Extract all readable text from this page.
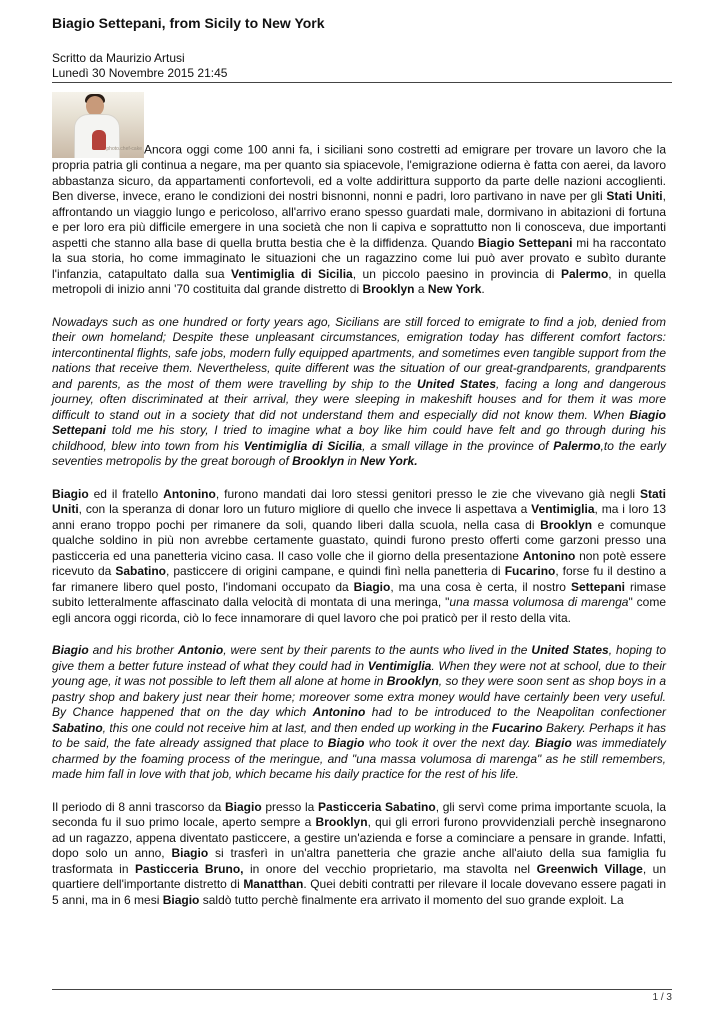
Biagio Settepani, from Sicily to New York
Scritto da Maurizio Artusi
Lunedì 30 Novembre 2015 21:45

photo.chef-cake Ancora oggi come 100 anni fa, i siciliani sono costretti ad emigrare per trovare un lavoro che la propria patria gli continua a negare, ma per quanto sia spiacevole, l'emigrazione odierna è fatta con aerei, da lavoro abbastanza sicuro, da appartamenti confortevoli, ed a volte addirittura supporto da parte delle nazioni accoglienti. Ben diverse, invece, erano le condizioni dei nostri bisnonni, nonni e padri, loro partivano in nave per gli Stati Uniti, affrontando un viaggio lungo e pericoloso, all'arrivo erano spesso guardati male, dormivano in abitazioni di fortuna e per loro era più difficile emergere in una società che non li capiva e soprattutto non li conosceva, due importanti aspetti che stanno alla base di quella brutta bestia che è la diffidenza. Quando Biagio Settepani mi ha raccontato la sua storia, ho come immaginato le situazioni che un ragazzino come lui può aver provato e subìto durante l'infanzia, catapultato dalla sua Ventimiglia di Sicilia, un piccolo paesino in provincia di Palermo, in quella metropoli di inizio anni '70 costituita dal grande distretto di Brooklyn a New York.

Nowadays such as one hundred or forty years ago, Sicilians are still forced to emigrate to find a job, denied from their own homeland; Despite these unpleasant circumstances, emigration today has different comfort factors: intercontinental flights, safe jobs, modern fully equipped apartments, and sometimes even tangible support from the nations that receive them. Nevertheless, quite different was the situation of our great-grandparents, grandparents and parents, as the most of them were travelling by ship to the United States, facing a long and dangerous journey, often discriminated at their arrival, they were sleeping in makeshift houses and for them it was more difficult to stand out in a society that did not understand them and especially did not know them. When Biagio Settepani told me his story, I tried to imagine what a boy like him could have felt and go through during his childhood, blew into town from his Ventimiglia di Sicilia, a small village in the province of Palermo,to the early seventies metropolis by the great borough of Brooklyn in New York.

Biagio ed il fratello Antonino, furono mandati dai loro stessi genitori presso le zie che vivevano già negli Stati Uniti, con la speranza di donar loro un futuro migliore di quello che invece li aspettava a Ventimiglia, ma i loro 13 anni erano troppo pochi per rimanere da soli, quando liberi dalla scuola, nella casa di Brooklyn e comunque qualche soldino in più non avrebbe certamente guastato, quindi furono presto offerti come garzoni presso una pasticceria ed una panetteria vicino casa. Il caso volle che il giorno della presentazione Antonino non potè essere ricevuto da Sabatino, pasticcere di origini campane, e quindi finì nella panetteria di Fucarino, forse fu il destino a far rimanere libero quel posto, l'indomani occupato da Biagio, ma una cosa è certa, il nostro Settepani rimase subito letteralmente affascinato dalla velocità di montata di una meringa, "una massa volumosa di marenga" come egli ancora oggi ricorda, ciò lo fece innamorare di quel lavoro che poi praticò per il resto della vita.

Biagio and his brother Antonio, were sent by their parents to the aunts who lived in the United States, hoping to give them a better future instead of what they could had in Ventimiglia. When they were not at school, due to their young age, it was not possible to left them all alone at home in Brooklyn, so they were soon sent as shop boys in a pastry shop and bakery just near their home; moreover some extra money would have certainly been very useful. By Chance happened that on the day which Antonino had to be introduced to the Neapolitan confectioner Sabatino, this one could not receive him at last, and then ended up working in the Fucarino Bakery. Perhaps it has to be said, the fate already assigned that place to Biagio who took it over the next day. Biagio was immediately charmed by the foaming process of the meringue, and "una massa volumosa di marenga" as he still remembers, made him fall in love with that job, which became his daily practice for the rest of his life.

Il periodo di 8 anni trascorso da Biagio presso la Pasticceria Sabatino, gli servì come prima importante scuola, la seconda fu il suo primo locale, aperto sempre a Brooklyn, qui gli errori furono provvidenziali perchè insegnarono ad un ragazzo, appena diventato pasticcere, a gestire un'azienda e forse a cominciare a pensare in grande. Infatti, dopo solo un anno, Biagio si trasferì in un'altra panetteria che grazie anche all'aiuto della sua famiglia fu trasformata in Pasticceria Bruno, in onore del vecchio proprietario, ma stavolta nel Greenwich Village, un quartiere dell'importante distretto di Manatthan. Quei debiti contratti per rilevare il locale dovevano essere pagati in 5 anni, ma in 6 mesi Biagio saldò tutto perchè finalmente era arrivato il momento del suo grande exploit. La

1 / 3
